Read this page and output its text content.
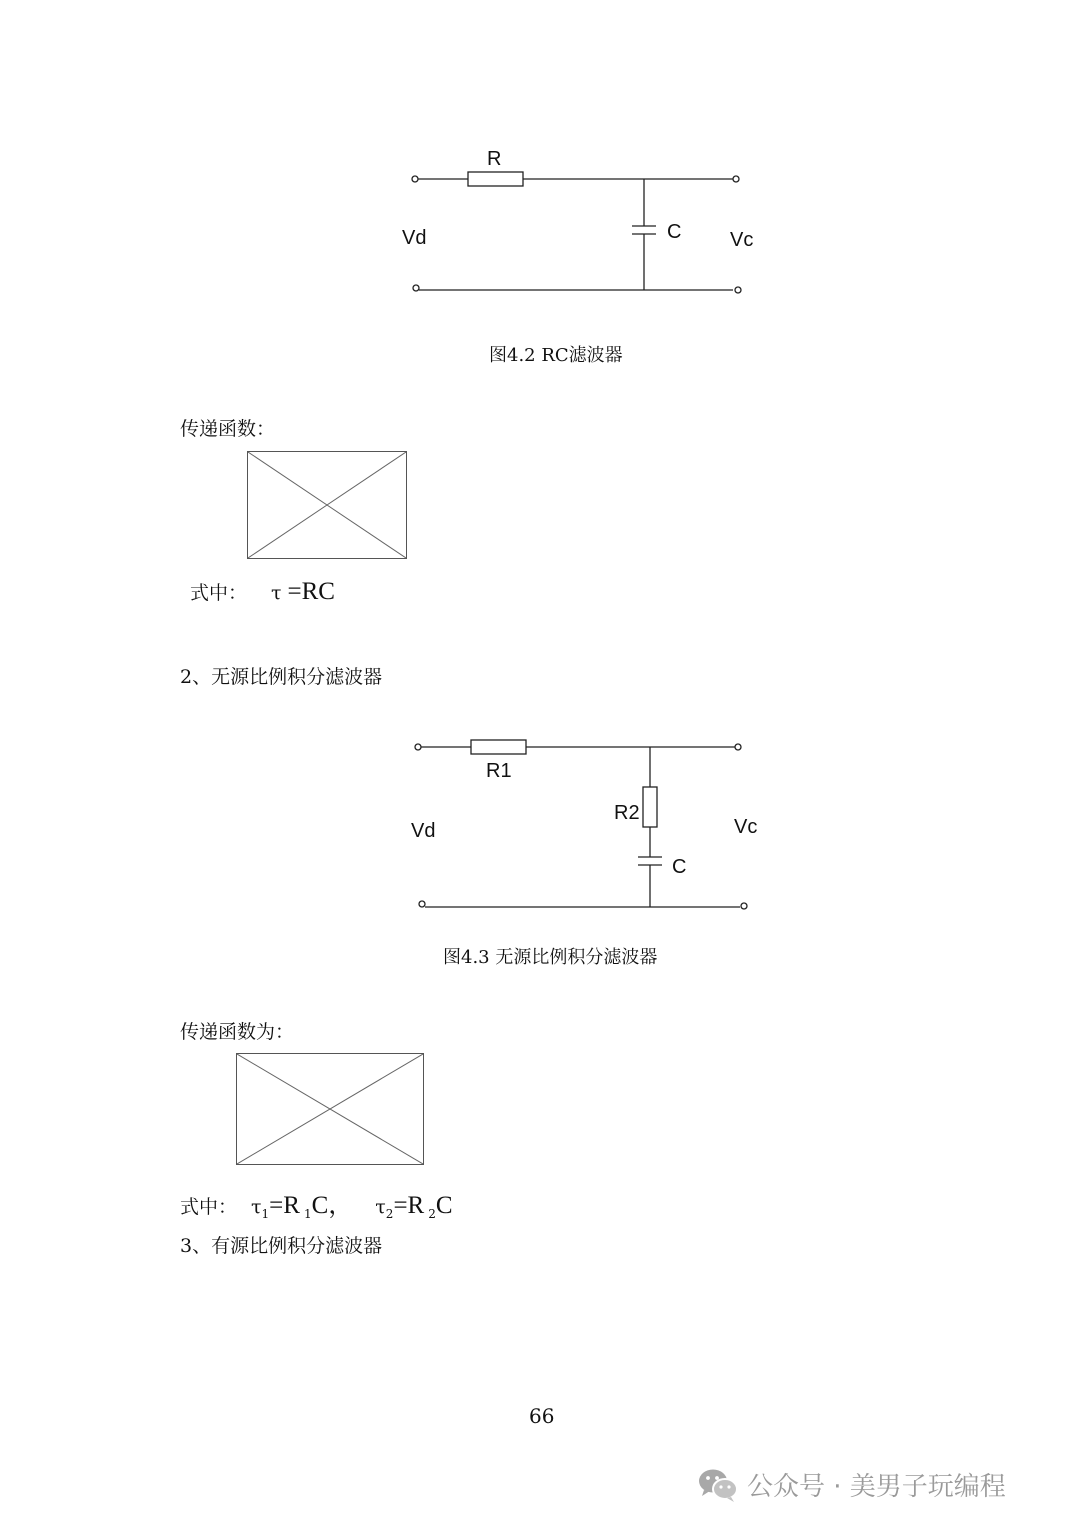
R
C
Vd	Vc
图4.2 RC滤波器
传递函数：
式中： τ =RC
2、无源比例积分滤波器
R1
R2
C
Vd	Vc
图4.3 无源比例积分滤波器
传递函数为：
式中： $\tau_1=R$ $_1$C， $\tau_2=R$ $_2$C
3、有源比例积分滤波器
66
公众号 · 美男子玩编程
